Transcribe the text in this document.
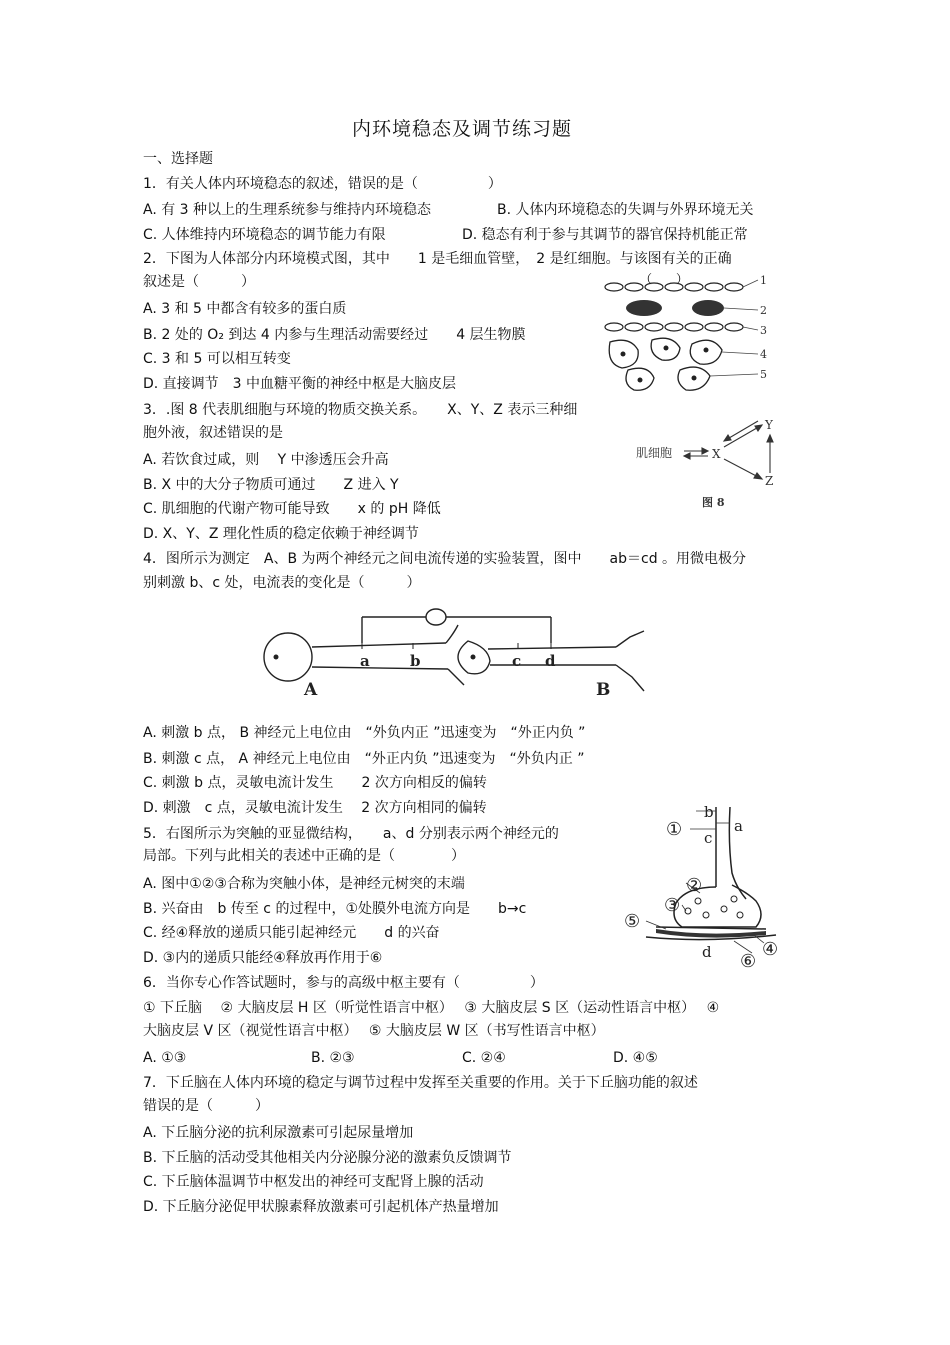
内环境稳态及调节练习题
一、选择题
1．有关人体内环境稳态的叙述，错误的是（　　　　　）
A. 有 3 种以上的生理系统参与维持内环境稳态	B. 人体内环境稳态的失调与外界环境无关
C. 人体维持内环境稳态的调节能力有限	D. 稳态有利于参与其调节的器官保持机能正常
2．下图为人体部分内环境模式图，其中　　1 是毛细血管壁，　2 是红细胞。与该图有关的正确
叙述是（　　　）
A. 3 和 5 中都含有较多的蛋白质
B. 2 处的 O₂ 到达 4 内参与生理活动需要经过　　4 层生物膜
C. 3 和 5 可以相互转变
D. 直接调节　3 中血糖平衡的神经中枢是大脑皮层
（　　）	1
2
3
4
5
3．.图 8 代表肌细胞与环境的物质交换关系。　　X、Y、Z 表示三种细
胞外液，叙述错误的是
A. 若饮食过咸，则　 Y 中渗透压会升高
B. X 中的大分子物质可通过　　Z 进入 Y
C. 肌细胞的代谢产物可能导致　　x 的 pH 降低
D. X、Y、Z 理化性质的稳定依赖于神经调节
肌细胞	X
Y
Z
图 8
4．图所示为测定　A、B 为两个神经元之间电流传递的实验装置，图中　　ab＝cd 。用微电极分
别刺激 b、c 处，电流表的变化是（　　　）
a	b	c d
A	B
A. 刺激 b 点， B 神经元上电位由　“外负内正 ”迅速变为　“外正内负 ”
B. 刺激 c 点， A 神经元上电位由　“外正内负 ”迅速变为　“外负内正 ”
C. 刺激 b 点，灵敏电流计发生　　2 次方向相反的偏转
D. 刺激　c 点，灵敏电流计发生　 2 次方向相同的偏转
5．右图所示为突触的亚显微结构，　　a、d 分别表示两个神经元的
局部。下列与此相关的表述中正确的是（　　　　）
A. 图中①②③合称为突触小体，是神经元树突的末端
B. 兴奋由　b 传至 c 的过程中，①处膜外电流方向是　　b→c
C. 经④释放的递质只能引起神经元　　d 的兴奋
D. ③内的递质只能经④释放再作用于⑥
①
②
③
④
⑤
⑥
a
b
c
d
6．当你专心作答试题时，参与的高级中枢主要有（　　　　　）
① 下丘脑　 ② 大脑皮层 H 区（听觉性语言中枢）　 ③ 大脑皮层 S 区（运动性语言中枢）　 ④
大脑皮层 V 区（视觉性语言中枢）　 ⑤ 大脑皮层 W 区（书写性语言中枢）
A. ①③	B. ②③	C. ②④	D. ④⑤
7．下丘脑在人体内环境的稳定与调节过程中发挥至关重要的作用。关于下丘脑功能的叙述
错误的是（　　　）
A. 下丘脑分泌的抗利尿激素可引起尿量增加
B. 下丘脑的活动受其他相关内分泌腺分泌的激素负反馈调节
C. 下丘脑体温调节中枢发出的神经可支配肾上腺的活动
D. 下丘脑分泌促甲状腺素释放激素可引起机体产热量增加
